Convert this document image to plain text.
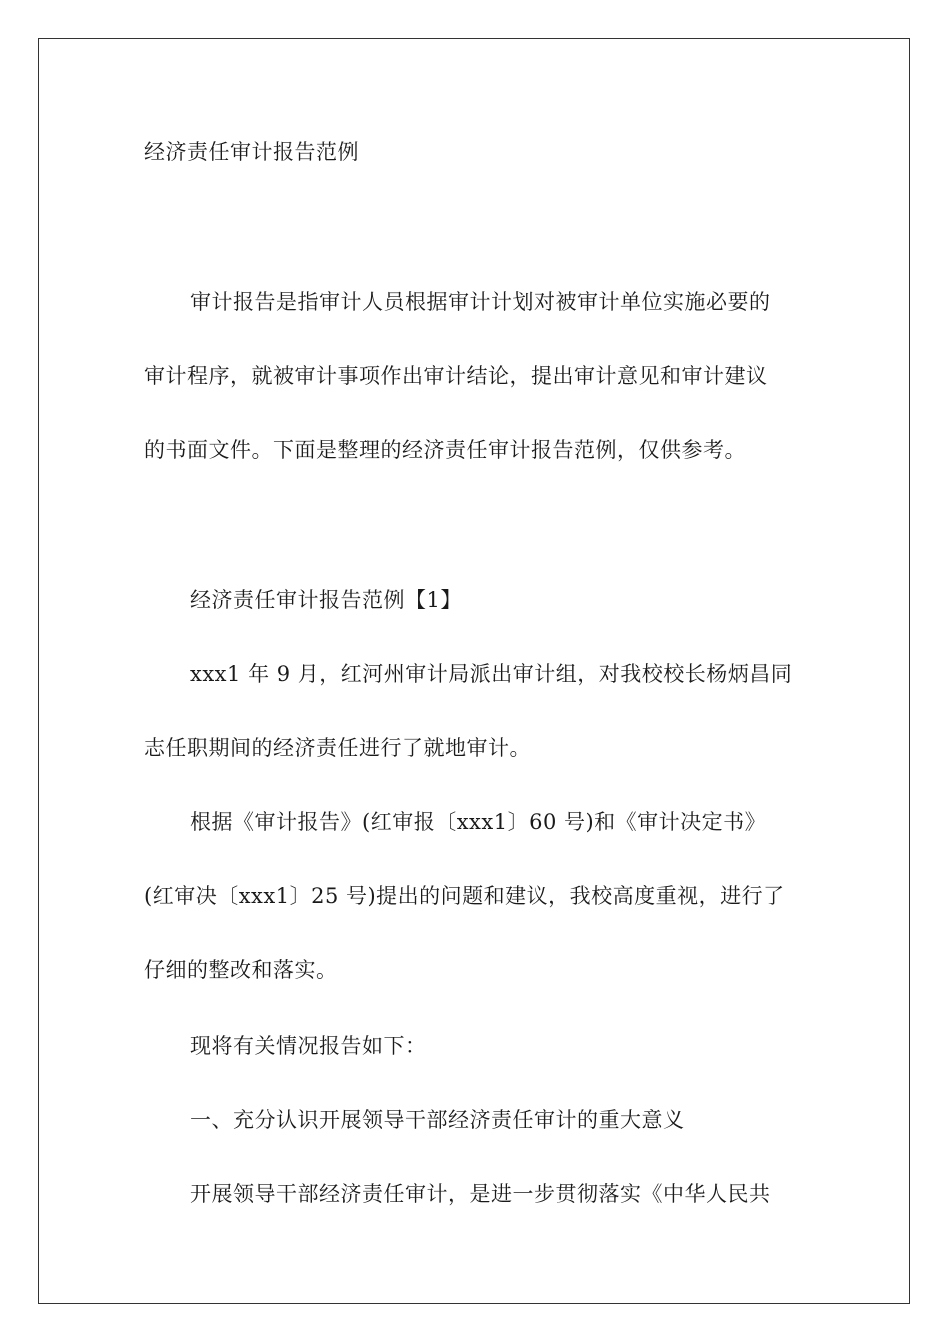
经济责任审计报告范例
审计报告是指审计人员根据审计计划对被审计单位实施必要的
审计程序，就被审计事项作出审计结论，提出审计意见和审计建议
的书面文件。下面是整理的经济责任审计报告范例，仅供参考。
经济责任审计报告范例【1】
xxx1 年 9 月，红河州审计局派出审计组，对我校校长杨炳昌同
志任职期间的经济责任进行了就地审计。
根据《审计报告》(红审报〔xxx1〕60 号)和《审计决定书》
(红审决〔xxx1〕25 号)提出的问题和建议，我校高度重视，进行了
仔细的整改和落实。
现将有关情况报告如下：
一、充分认识开展领导干部经济责任审计的重大意义
开展领导干部经济责任审计，是进一步贯彻落实《中华人民共
